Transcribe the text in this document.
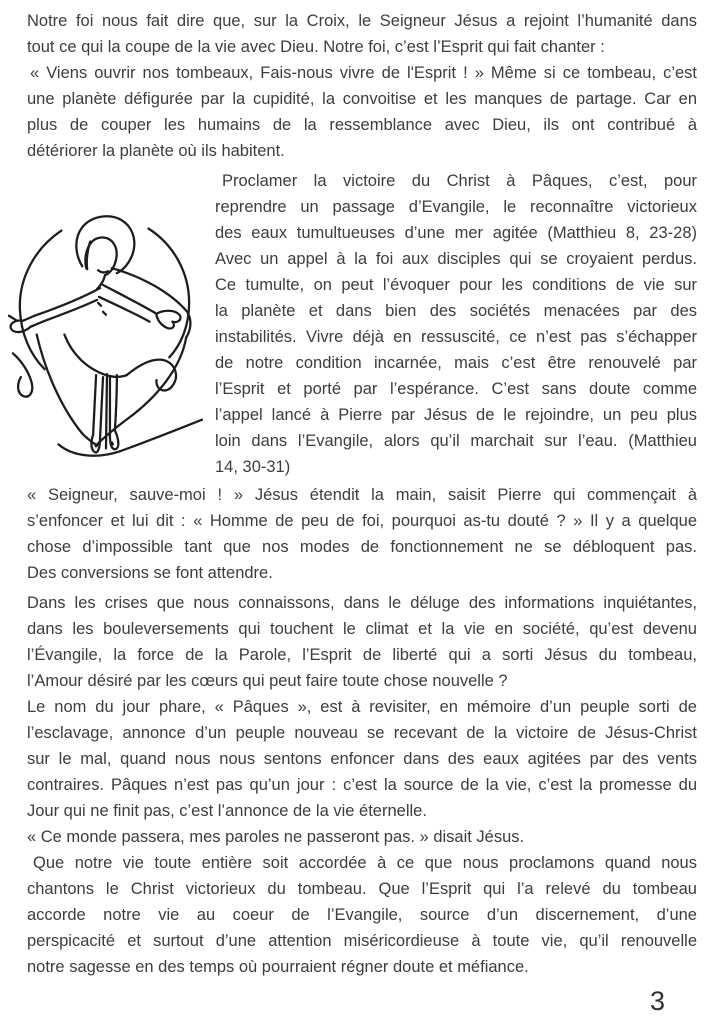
Notre foi nous fait dire que, sur la Croix, le Seigneur Jésus a rejoint l’humanité dans
tout ce qui la coupe de la vie avec Dieu. Notre foi, c’est l’Esprit qui fait chanter :
« Viens ouvrir nos tombeaux, Fais-nous vivre de l'Esprit ! » Même si ce tombeau, c’est
une planète défigurée par la cupidité, la convoitise et les manques de partage. Car en
plus de couper les humains de la ressemblance avec Dieu, ils ont contribué à
détériorer la planète où ils habitent.
Proclamer la victoire du Christ à Pâques, c’est, pour
reprendre un passage d’Evangile, le reconnaître victorieux
des eaux tumultueuses d’une mer agitée (Matthieu 8, 23-28)
Avec un appel à la foi aux disciples qui se croyaient perdus.
Ce tumulte, on peut l’évoquer pour les conditions de vie sur
la planète et dans bien des sociétés menacées par des
instabilités. Vivre déjà en ressuscité, ce n’est pas s’échapper
de notre condition incarnée, mais c’est être renouvelé par
l’Esprit et porté par l’espérance. C’est sans doute comme
l’appel lancé à Pierre par Jésus de le rejoindre, un peu plus
loin dans l’Evangile, alors qu’il marchait sur l’eau. (Matthieu
14, 30-31)
« Seigneur, sauve-moi ! » Jésus étendit la main, saisit Pierre qui commençait à
s’enfoncer et lui dit : « Homme de peu de foi, pourquoi as-tu douté ? » Il y a quelque
chose d’impossible tant que nos modes de fonctionnement ne se débloquent pas.
Des conversions se font attendre.
Dans les crises que nous connaissons, dans le déluge des informations inquiétantes,
dans les bouleversements qui touchent le climat et la vie en société, qu’est devenu
l’Évangile, la force de la Parole, l’Esprit de liberté qui a sorti Jésus du tombeau,
l’Amour désiré par les cœurs qui peut faire toute chose nouvelle ?
Le nom du jour phare, « Pâques », est à revisiter, en mémoire d’un peuple sorti de
l’esclavage, annonce d’un peuple nouveau se recevant de la victoire de Jésus-Christ
sur le mal, quand nous nous sentons enfoncer dans des eaux agitées par des vents
contraires. Pâques n’est pas qu’un jour : c’est la source de la vie, c’est la promesse du
Jour qui ne finit pas, c’est l’annonce de la vie éternelle.
« Ce monde passera, mes paroles ne passeront pas. » disait Jésus.
Que notre vie toute entière soit accordée à ce que nous proclamons quand nous
chantons le Christ victorieux du tombeau. Que l’Esprit qui l’a relevé du tombeau
accorde notre vie au coeur de l’Evangile, source d’un discernement, d’une
perspicacité et surtout d’une attention miséricordieuse à toute vie, qu’il renouvelle
notre sagesse en des temps où pourraient régner doute et méfiance.
3
